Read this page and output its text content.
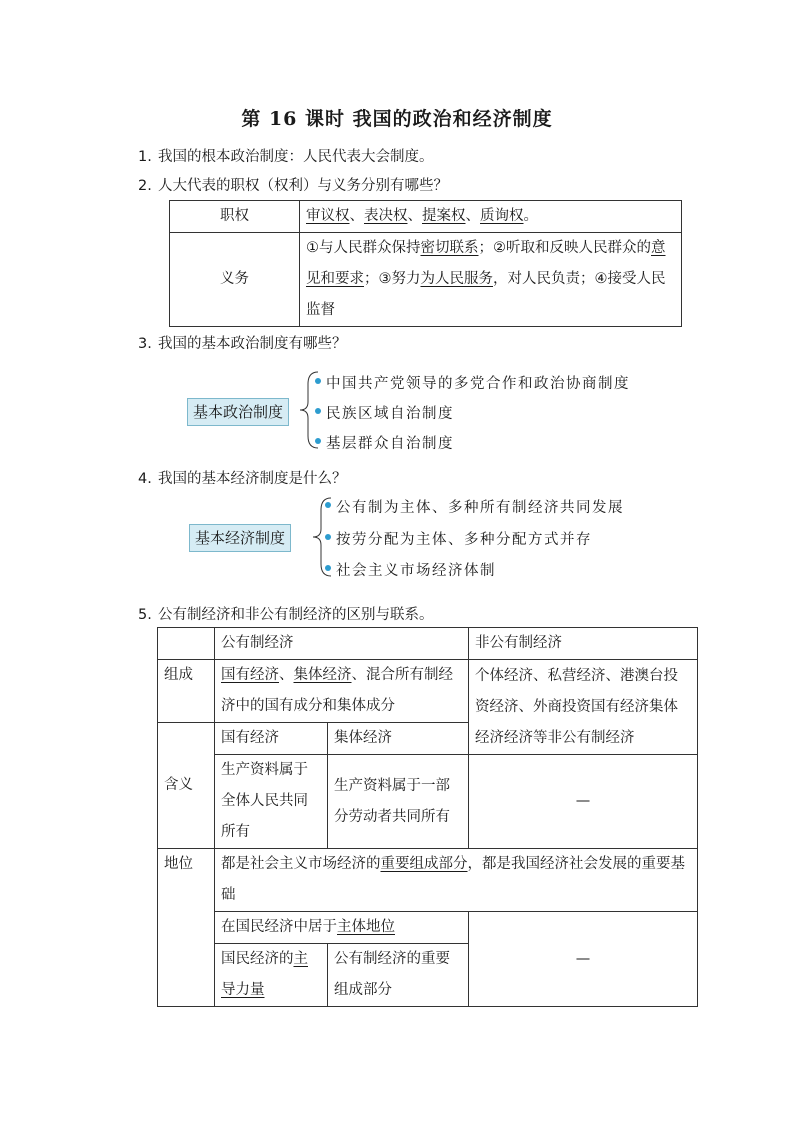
第 16 课时 我国的政治和经济制度
1. 我国的根本政治制度：人民代表大会制度。
2. 人大代表的职权（权利）与义务分别有哪些？
职权	审议权、表决权、提案权、质询权。
义务	①与人民群众保持密切联系；②听取和反映人民群众的意见和要求；③努力为人民服务，对人民负责；④接受人民监督
3. 我国的基本政治制度有哪些？
基本政治制度
中国共产党领导的多党合作和政治协商制度
民族区域自治制度
基层群众自治制度
4. 我国的基本经济制度是什么？
基本经济制度
公有制为主体、多种所有制经济共同发展
按劳分配为主体、多种分配方式并存
社会主义市场经济体制
5. 公有制经济和非公有制经济的区别与联系。
	公有制经济		非公有制经济
组成	国有经济、集体经济、混合所有制经济中的国有成分和集体成分		个体经济、私营经济、港澳台投资经济、外商投资国有经济集体经济经济等非公有制经济
含义	国有经济	集体经济	
	生产资料属于全体人民共同所有	生产资料属于一部分劳动者共同所有	—
地位	都是社会主义市场经济的重要组成部分，都是我国经济社会发展的重要基础		
	在国民经济中居于主体地位		—
	国民经济的主导力量	公有制经济的重要组成部分	
